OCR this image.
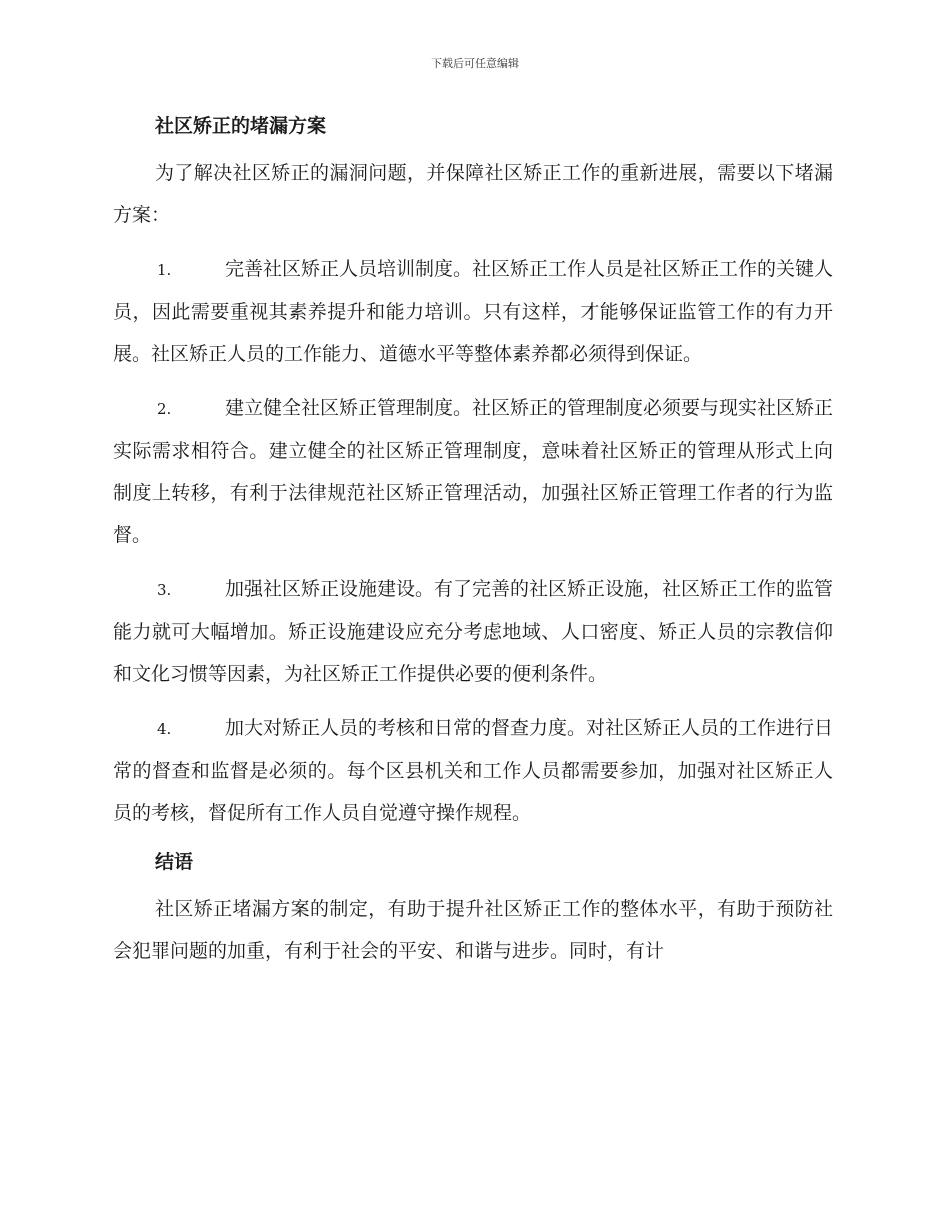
下载后可任意编辑
社区矫正的堵漏方案

为了解决社区矫正的漏洞问题，并保障社区矫正工作的重新进展，需要以下堵漏方案：

1.	完善社区矫正人员培训制度。社区矫正工作人员是社区矫正工作的关键人员，因此需要重视其素养提升和能力培训。只有这样，才能够保证监管工作的有力开展。社区矫正人员的工作能力、道德水平等整体素养都必须得到保证。

2.	建立健全社区矫正管理制度。社区矫正的管理制度必须要与现实社区矫正实际需求相符合。建立健全的社区矫正管理制度，意味着社区矫正的管理从形式上向制度上转移，有利于法律规范社区矫正管理活动，加强社区矫正管理工作者的行为监督。

3.	加强社区矫正设施建设。有了完善的社区矫正设施，社区矫正工作的监管能力就可大幅增加。矫正设施建设应充分考虑地域、人口密度、矫正人员的宗教信仰和文化习惯等因素，为社区矫正工作提供必要的便利条件。

4.	加大对矫正人员的考核和日常的督查力度。对社区矫正人员的工作进行日常的督查和监督是必须的。每个区县机关和工作人员都需要参加，加强对社区矫正人员的考核，督促所有工作人员自觉遵守操作规程。

结语

社区矫正堵漏方案的制定，有助于提升社区矫正工作的整体水平，有助于预防社会犯罪问题的加重，有利于社会的平安、和谐与进步。同时，有计
